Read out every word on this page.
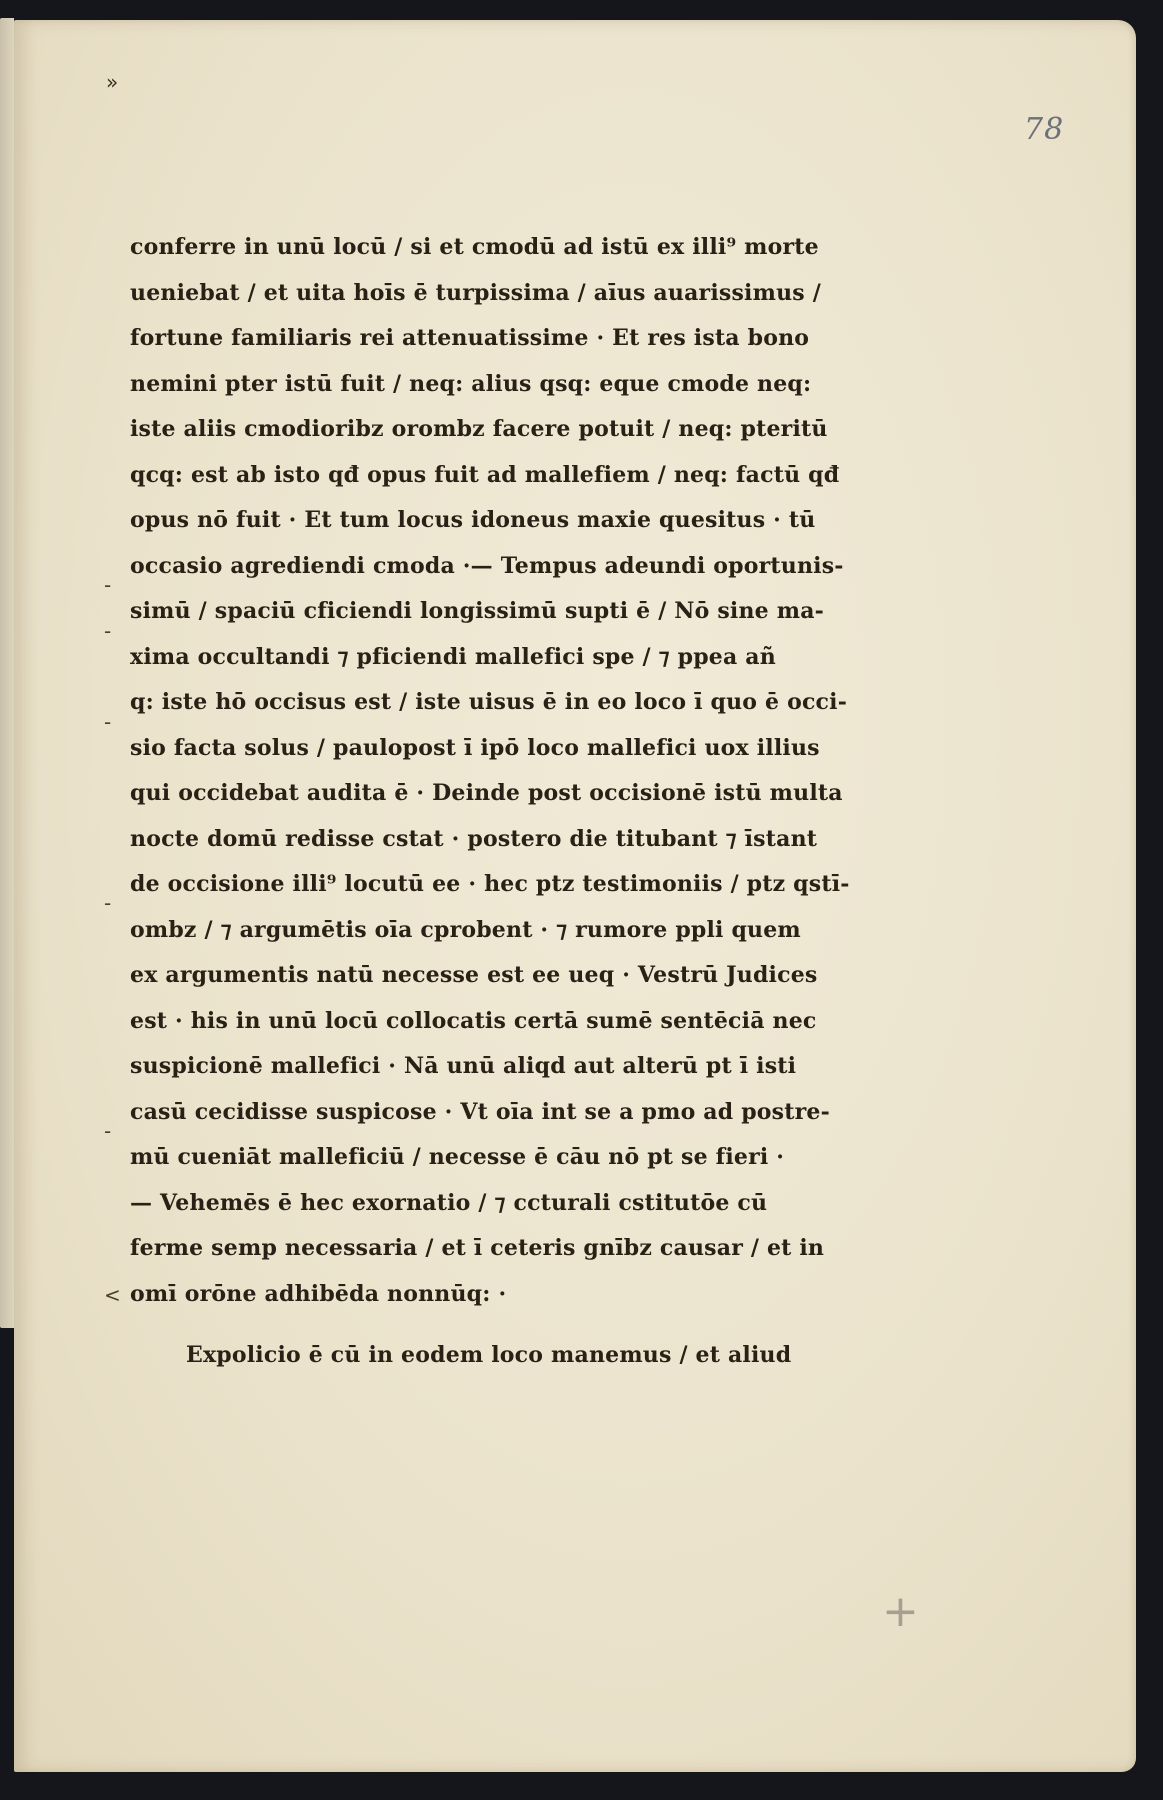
»
78
-
-
-
-
-
<
conferre in unū locū / si et cmodū ad istū ex illi⁹ morte
ueniebat / et uita hoīs ē turpissima / aīus auarissimus /
fortune familiaris rei attenuatissime · Et res ista bono
nemini pter istū fuit / neq: alius qsq: eque cmode neq:
iste aliis cmodioribz orombz facere potuit / neq: pteritū
qcq: est ab isto qđ opus fuit ad mallefiem / neq: factū qđ
opus nō fuit · Et tum locus idoneus maxie quesitus · tū
occasio agrediendi cmoda ·— Tempus adeundi oportunis-
simū / spaciū cficiendi longissimū supti ē / Nō sine ma-
xima occultandi ⁊ pficiendi mallefici spe / ⁊ ppea añ
q: iste hō occisus est / iste uisus ē in eo loco ī quo ē occi-
sio facta solus / paulopost ī ipō loco mallefici uox illius
qui occidebat audita ē · Deinde post occisionē istū multa
nocte domū redisse cstat · postero die titubant ⁊ īstant
de occisione illi⁹ locutū ee · hec ptz testimoniis / ptz qstī-
ombz / ⁊ argumētis oīa cprobent · ⁊ rumore ppli quem
ex argumentis natū necesse est ee ueq · Vestrū Judices
est · his in unū locū collocatis certā sumē sentēciā nec
suspicionē mallefici · Nā unū aliqd aut alterū pt ī isti
casū cecidisse suspicose · Vt oīa int se a pmo ad postre-
mū cueniāt malleficiū / necesse ē cāu nō pt se fieri ·
— Vehemēs ē hec exornatio / ⁊ ccturali cstitutōe cū
ferme semp necessaria / et ī ceteris gnībz causar / et in
omī orōne adhibēda nonnūq: ·
Expolicio ē cū in eodem loco manemus / et aliud
+
